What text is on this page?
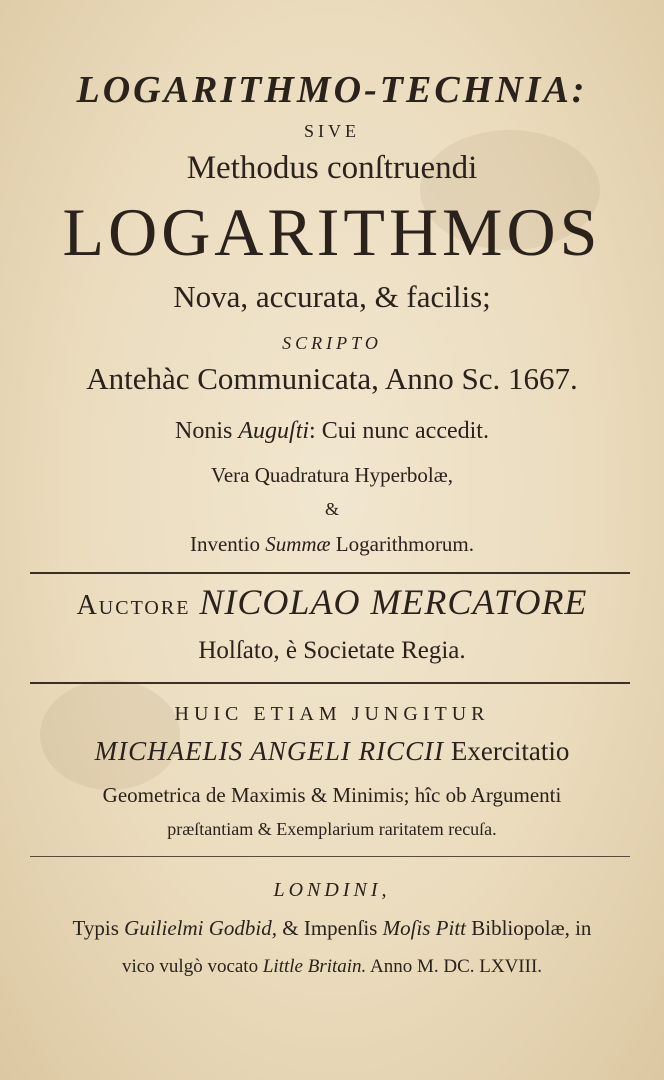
LOGARITHMO-TECHNIA:
SIVE
Methodus conſtruendi
LOGARITHMOS
Nova, accurata, & facilis;
SCRIPTO
Antehàc Communicata, Anno Sc. 1667.
Nonis Auguſti: Cui nunc accedit.
Vera Quadratura Hyperbolæ,
&
Inventio Summæ Logarithmorum.
Auctore NICOLAO MERCATORE
Holſato, è Societate Regia.
HUIC ETIAM JUNGITUR
MICHAELIS ANGELI RICCII Exercitatio
Geometrica de Maximis & Minimis; hîc ob Argumenti
præſtantiam & Exemplarium raritatem recuſa.
LONDINI,
Typis Guilielmi Godbid, & Impenſis Moſis Pitt Bibliopolæ, in
vico vulgò vocato Little Britain. Anno M. DC. LXVIII.
